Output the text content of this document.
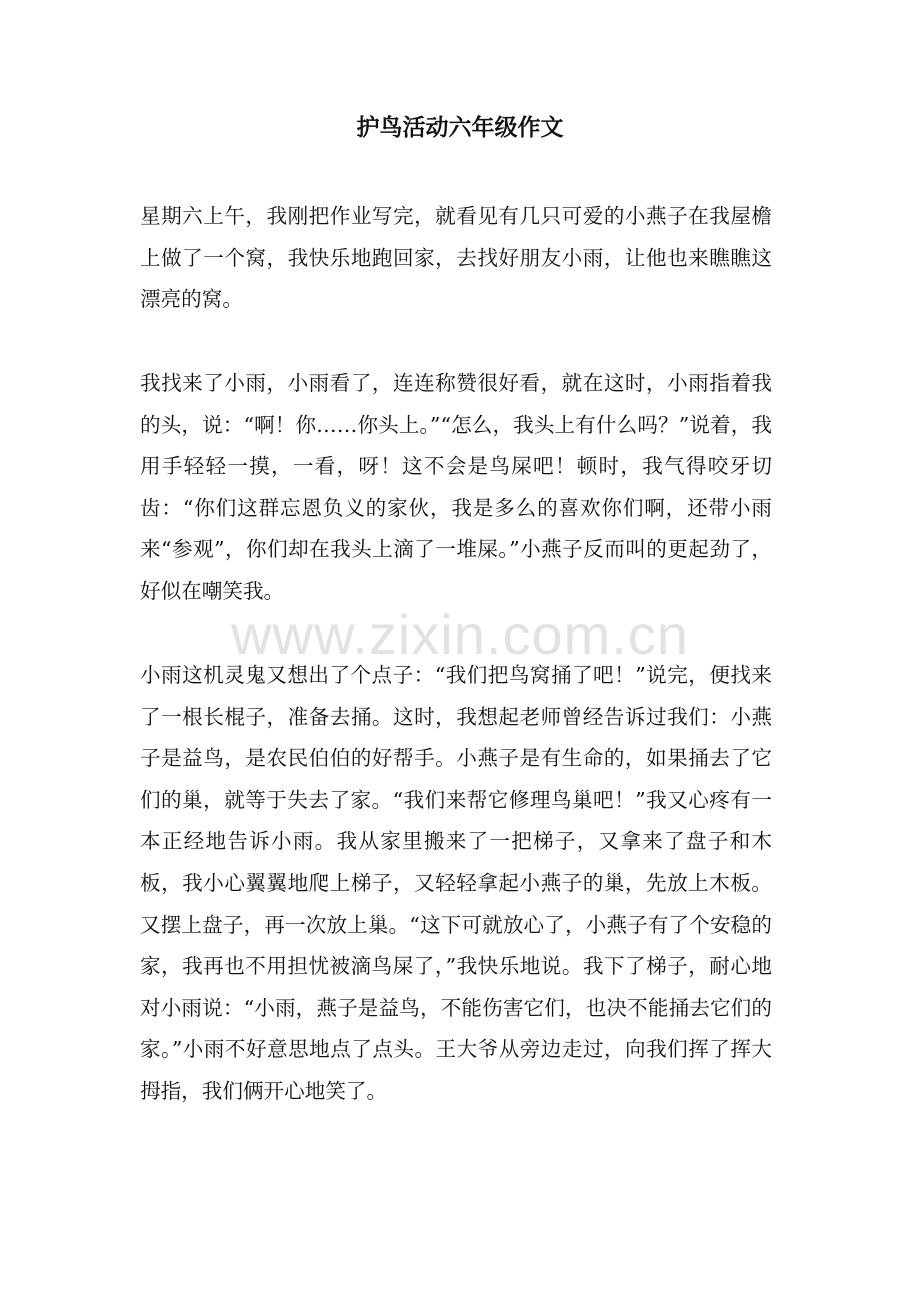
护鸟活动六年级作文

星期六上午，我刚把作业写完，就看见有几只可爱的小燕子在我屋檐上做了一个窝，我快乐地跑回家，去找好朋友小雨，让他也来瞧瞧这漂亮的窝。

我找来了小雨，小雨看了，连连称赞很好看，就在这时，小雨指着我的头，说：“啊！你……你头上。”“怎么，我头上有什么吗？”说着，我用手轻轻一摸，一看，呀！这不会是鸟屎吧！顿时，我气得咬牙切齿：“你们这群忘恩负义的家伙，我是多么的喜欢你们啊，还带小雨来“参观”，你们却在我头上滴了一堆屎。”小燕子反而叫的更起劲了，好似在嘲笑我。

小雨这机灵鬼又想出了个点子：“我们把鸟窝捅了吧！”说完，便找来了一根长棍子，准备去捅。这时，我想起老师曾经告诉过我们：小燕子是益鸟，是农民伯伯的好帮手。小燕子是有生命的，如果捅去了它们的巢，就等于失去了家。“我们来帮它修理鸟巢吧！”我又心疼有一本正经地告诉小雨。我从家里搬来了一把梯子，又拿来了盘子和木板，我小心翼翼地爬上梯子，又轻轻拿起小燕子的巢，先放上木板。又摆上盘子，再一次放上巢。“这下可就放心了，小燕子有了个安稳的家，我再也不用担忧被滴鸟屎了，”我快乐地说。我下了梯子，耐心地对小雨说：“小雨，燕子是益鸟，不能伤害它们，也决不能捅去它们的家。”小雨不好意思地点了点头。王大爷从旁边走过，向我们挥了挥大拇指，我们俩开心地笑了。

www.zixin.com.cn
